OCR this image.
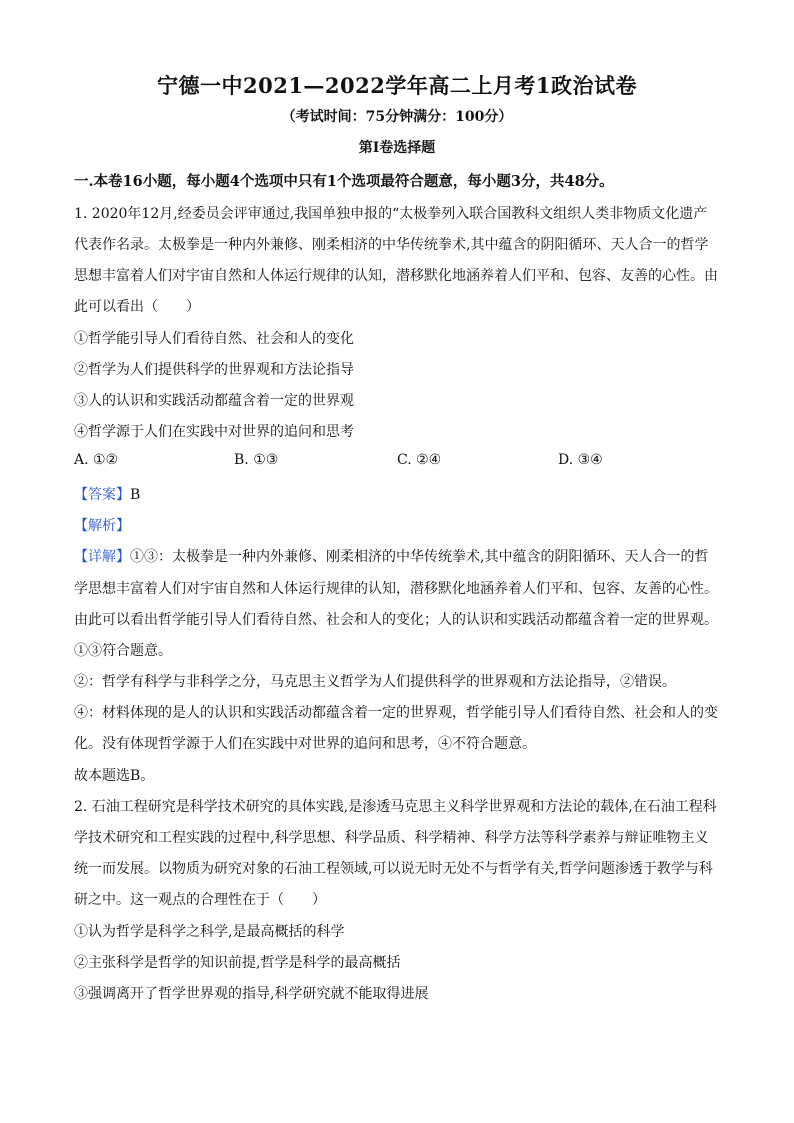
宁德一中2021—2022学年高二上月考1政治试卷
（考试时间：75分钟满分：100分）
第Ⅰ卷选择题
一.本卷16小题，每小题4个选项中只有1个选项最符合题意，每小题3分，共48分。
1. 2020年12月,经委员会评审通过,我国单独申报的“太极拳列入联合国教科文组织人类非物质文化遗产
代表作名录。太极拳是一种内外兼修、刚柔相济的中华传统拳术,其中蕴含的阴阳循环、天人合一的哲学
思想丰富着人们对宇宙自然和人体运行规律的认知，潜移默化地涵养着人们平和、包容、友善的心性。由
此可以看出（　　）
①哲学能引导人们看待自然、社会和人的变化
②哲学为人们提供科学的世界观和方法论指导
③人的认识和实践活动都蕴含着一定的世界观
④哲学源于人们在实践中对世界的追问和思考
A. ①②	B. ①③	C. ②④	D. ③④
【答案】B
【解析】
【详解】①③：太极拳是一种内外兼修、刚柔相济的中华传统拳术,其中蕴含的阴阳循环、天人合一的哲
学思想丰富着人们对宇宙自然和人体运行规律的认知，潜移默化地涵养着人们平和、包容、友善的心性。
由此可以看出哲学能引导人们看待自然、社会和人的变化；人的认识和实践活动都蕴含着一定的世界观。
①③符合题意。
②：哲学有科学与非科学之分，马克思主义哲学为人们提供科学的世界观和方法论指导，②错误。
④：材料体现的是人的认识和实践活动都蕴含着一定的世界观，哲学能引导人们看待自然、社会和人的变
化。没有体现哲学源于人们在实践中对世界的追问和思考，④不符合题意。
故本题选B。
2. 石油工程研究是科学技术研究的具体实践,是渗透马克思主义科学世界观和方法论的载体,在石油工程科
学技术研究和工程实践的过程中,科学思想、科学品质、科学精神、科学方法等科学素养与辩证唯物主义
统一而发展。以物质为研究对象的石油工程领域,可以说无时无处不与哲学有关,哲学问题渗透于教学与科
研之中。这一观点的合理性在于（　　）
①认为哲学是科学之科学,是最高概括的科学
②主张科学是哲学的知识前提,哲学是科学的最高概括
③强调离开了哲学世界观的指导,科学研究就不能取得进展
